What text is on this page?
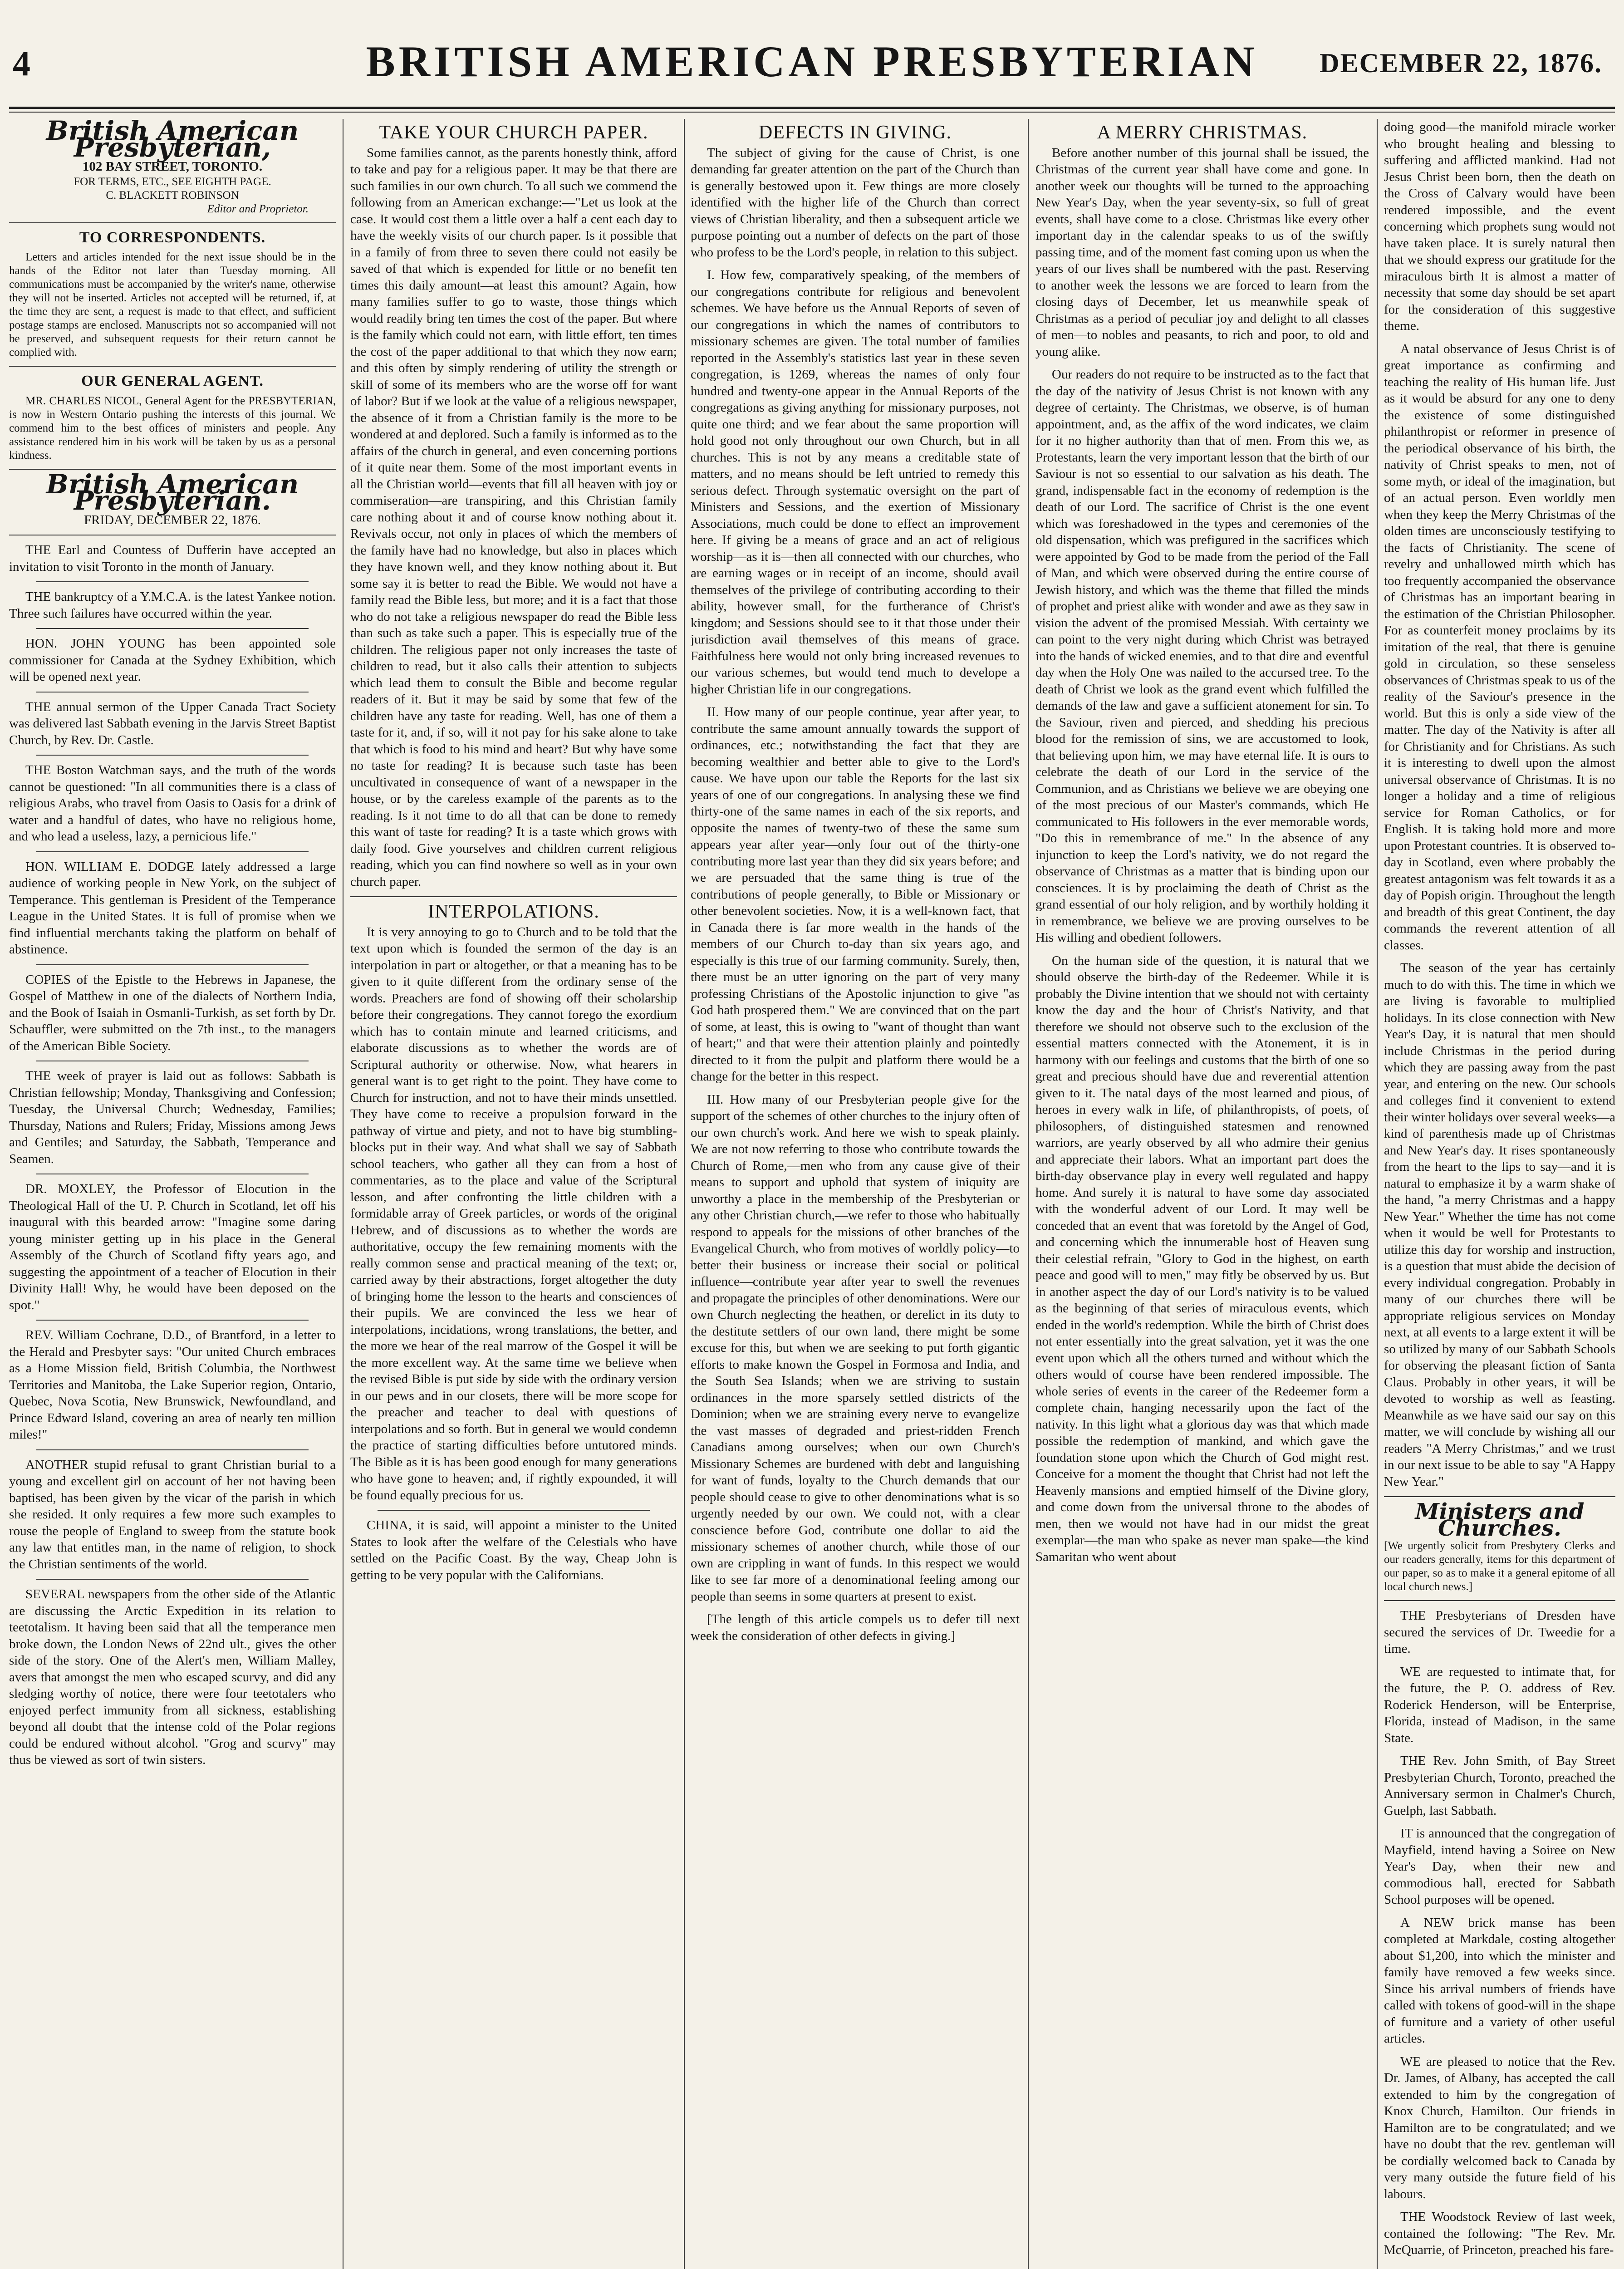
4	BRITISH AMERICAN PRESBYTERIAN	DECEMBER 22, 1876.
British American Presbyterian,

102 BAY STREET, TORONTO.

FOR TERMS, ETC., SEE EIGHTH PAGE.

C. BLACKETT ROBINSON

Editor and Proprietor.

TO CORRESPONDENTS.

Letters and articles intended for the next issue should be in the hands of the Editor not later than Tuesday morning. All communications must be accompanied by the writer's name, otherwise they will not be inserted. Articles not accepted will be returned, if, at the time they are sent, a request is made to that effect, and sufficient postage stamps are enclosed. Manuscripts not so accompanied will not be preserved, and subsequent requests for their return cannot be complied with.

OUR GENERAL AGENT.

MR. CHARLES NICOL, General Agent for the PRESBYTERIAN, is now in Western Ontario pushing the interests of this journal. We commend him to the best offices of ministers and people. Any assistance rendered him in his work will be taken by us as a personal kindness.

British American Presbyterian.

FRIDAY, DECEMBER 22, 1876.

THE Earl and Countess of Dufferin have accepted an invitation to visit Toronto in the month of January.

THE bankruptcy of a Y.M.C.A. is the latest Yankee notion. Three such failures have occurred within the year.

HON. JOHN YOUNG has been appointed sole commissioner for Canada at the Sydney Exhibition, which will be opened next year.

THE annual sermon of the Upper Canada Tract Society was delivered last Sabbath evening in the Jarvis Street Baptist Church, by Rev. Dr. Castle.

THE Boston Watchman says, and the truth of the words cannot be questioned: "In all communities there is a class of religious Arabs, who travel from Oasis to Oasis for a drink of water and a handful of dates, who have no religious home, and who lead a useless, lazy, a pernicious life."

HON. WILLIAM E. DODGE lately addressed a large audience of working people in New York, on the subject of Temperance. This gentleman is President of the Temperance League in the United States. It is full of promise when we find influential merchants taking the platform on behalf of abstinence.

COPIES of the Epistle to the Hebrews in Japanese, the Gospel of Matthew in one of the dialects of Northern India, and the Book of Isaiah in Osmanli-Turkish, as set forth by Dr. Schauffler, were submitted on the 7th inst., to the managers of the American Bible Society.

THE week of prayer is laid out as follows: Sabbath is Christian fellowship; Monday, Thanksgiving and Confession; Tuesday, the Universal Church; Wednesday, Families; Thursday, Nations and Rulers; Friday, Missions among Jews and Gentiles; and Saturday, the Sabbath, Temperance and Seamen.

DR. MOXLEY, the Professor of Elocution in the Theological Hall of the U. P. Church in Scotland, let off his inaugural with this bearded arrow: "Imagine some daring young minister getting up in his place in the General Assembly of the Church of Scotland fifty years ago, and suggesting the appointment of a teacher of Elocution in their Divinity Hall! Why, he would have been deposed on the spot."

REV. William Cochrane, D.D., of Brantford, in a letter to the Herald and Presbyter says: "Our united Church embraces as a Home Mission field, British Columbia, the Northwest Territories and Manitoba, the Lake Superior region, Ontario, Quebec, Nova Scotia, New Brunswick, Newfoundland, and Prince Edward Island, covering an area of nearly ten million miles!"

ANOTHER stupid refusal to grant Christian burial to a young and excellent girl on account of her not having been baptised, has been given by the vicar of the parish in which she resided. It only requires a few more such examples to rouse the people of England to sweep from the statute book any law that entitles man, in the name of religion, to shock the Christian sentiments of the world.

SEVERAL newspapers from the other side of the Atlantic are discussing the Arctic Expedition in its relation to teetotalism. It having been said that all the temperance men broke down, the London News of 22nd ult., gives the other side of the story. One of the Alert's men, William Malley, avers that amongst the men who escaped scurvy, and did any sledging worthy of notice, there were four teetotalers who enjoyed perfect immunity from all sickness, establishing beyond all doubt that the intense cold of the Polar regions could be endured without alcohol. "Grog and scurvy" may thus be viewed as sort of twin sisters.

TAKE YOUR CHURCH PAPER.

Some families cannot, as the parents honestly think, afford to take and pay for a religious paper. It may be that there are such families in our own church. To all such we commend the following from an American exchange:—"Let us look at the case. It would cost them a little over a half a cent each day to have the weekly visits of our church paper. Is it possible that in a family of from three to seven there could not easily be saved of that which is expended for little or no benefit ten times this daily amount—at least this amount? Again, how many families suffer to go to waste, those things which would readily bring ten times the cost of the paper. But where is the family which could not earn, with little effort, ten times the cost of the paper additional to that which they now earn; and this often by simply rendering of utility the strength or skill of some of its members who are the worse off for want of labor? But if we look at the value of a religious newspaper, the absence of it from a Christian family is the more to be wondered at and deplored. Such a family is informed as to the affairs of the church in general, and even concerning portions of it quite near them. Some of the most important events in all the Christian world—events that fill all heaven with joy or commiseration—are transpiring, and this Christian family care nothing about it and of course know nothing about it. Revivals occur, not only in places of which the members of the family have had no knowledge, but also in places which they have known well, and they know nothing about it. But some say it is better to read the Bible. We would not have a family read the Bible less, but more; and it is a fact that those who do not take a religious newspaper do read the Bible less than such as take such a paper. This is especially true of the children. The religious paper not only increases the taste of children to read, but it also calls their attention to subjects which lead them to consult the Bible and become regular readers of it. But it may be said by some that few of the children have any taste for reading. Well, has one of them a taste for it, and, if so, will it not pay for his sake alone to take that which is food to his mind and heart? But why have some no taste for reading? It is because such taste has been uncultivated in consequence of want of a newspaper in the house, or by the careless example of the parents as to the reading. Is it not time to do all that can be done to remedy this want of taste for reading? It is a taste which grows with daily food. Give yourselves and children current religious reading, which you can find nowhere so well as in your own church paper.

INTERPOLATIONS.

It is very annoying to go to Church and to be told that the text upon which is founded the sermon of the day is an interpolation in part or altogether, or that a meaning has to be given to it quite different from the ordinary sense of the words. Preachers are fond of showing off their scholarship before their congregations. They cannot forego the exordium which has to contain minute and learned criticisms, and elaborate discussions as to whether the words are of Scriptural authority or otherwise. Now, what hearers in general want is to get right to the point. They have come to Church for instruction, and not to have their minds unsettled. They have come to receive a propulsion forward in the pathway of virtue and piety, and not to have big stumbling-blocks put in their way. And what shall we say of Sabbath school teachers, who gather all they can from a host of commentaries, as to the place and value of the Scriptural lesson, and after confronting the little children with a formidable array of Greek particles, or words of the original Hebrew, and of discussions as to whether the words are authoritative, occupy the few remaining moments with the really common sense and practical meaning of the text; or, carried away by their abstractions, forget altogether the duty of bringing home the lesson to the hearts and consciences of their pupils. We are convinced the less we hear of interpolations, incidations, wrong translations, the better, and the more we hear of the real marrow of the Gospel it will be the more excellent way. At the same time we believe when the revised Bible is put side by side with the ordinary version in our pews and in our closets, there will be more scope for the preacher and teacher to deal with questions of interpolations and so forth. But in general we would condemn the practice of starting difficulties before untutored minds. The Bible as it is has been good enough for many generations who have gone to heaven; and, if rightly expounded, it will be found equally precious for us.

CHINA, it is said, will appoint a minister to the United States to look after the welfare of the Celestials who have settled on the Pacific Coast. By the way, Cheap John is getting to be very popular with the Californians.

DEFECTS IN GIVING.

The subject of giving for the cause of Christ, is one demanding far greater attention on the part of the Church than is generally bestowed upon it. Few things are more closely identified with the higher life of the Church than correct views of Christian liberality, and then a subsequent article we purpose pointing out a number of defects on the part of those who profess to be the Lord's people, in relation to this subject.

I. How few, comparatively speaking, of the members of our congregations contribute for religious and benevolent schemes. We have before us the Annual Reports of seven of our congregations in which the names of contributors to missionary schemes are given. The total number of families reported in the Assembly's statistics last year in these seven congregation, is 1269, whereas the names of only four hundred and twenty-one appear in the Annual Reports of the congregations as giving anything for missionary purposes, not quite one third; and we fear about the same proportion will hold good not only throughout our own Church, but in all churches. This is not by any means a creditable state of matters, and no means should be left untried to remedy this serious defect. Through systematic oversight on the part of Ministers and Sessions, and the exertion of Missionary Associations, much could be done to effect an improvement here. If giving be a means of grace and an act of religious worship—as it is—then all connected with our churches, who are earning wages or in receipt of an income, should avail themselves of the privilege of contributing according to their ability, however small, for the furtherance of Christ's kingdom; and Sessions should see to it that those under their jurisdiction avail themselves of this means of grace. Faithfulness here would not only bring increased revenues to our various schemes, but would tend much to develope a higher Christian life in our congregations.

II. How many of our people continue, year after year, to contribute the same amount annually towards the support of ordinances, etc.; notwithstanding the fact that they are becoming wealthier and better able to give to the Lord's cause. We have upon our table the Reports for the last six years of one of our congregations. In analysing these we find thirty-one of the same names in each of the six reports, and opposite the names of twenty-two of these the same sum appears year after year—only four out of the thirty-one contributing more last year than they did six years before; and we are persuaded that the same thing is true of the contributions of people generally, to Bible or Missionary or other benevolent societies. Now, it is a well-known fact, that in Canada there is far more wealth in the hands of the members of our Church to-day than six years ago, and especially is this true of our farming community. Surely, then, there must be an utter ignoring on the part of very many professing Christians of the Apostolic injunction to give "as God hath prospered them." We are convinced that on the part of some, at least, this is owing to "want of thought than want of heart;" and that were their attention plainly and pointedly directed to it from the pulpit and platform there would be a change for the better in this respect.

III. How many of our Presbyterian people give for the support of the schemes of other churches to the injury often of our own church's work. And here we wish to speak plainly. We are not now referring to those who contribute towards the Church of Rome,—men who from any cause give of their means to support and uphold that system of iniquity are unworthy a place in the membership of the Presbyterian or any other Christian church,—we refer to those who habitually respond to appeals for the missions of other branches of the Evangelical Church, who from motives of worldly policy—to better their business or increase their social or political influence—contribute year after year to swell the revenues and propagate the principles of other denominations. Were our own Church neglecting the heathen, or derelict in its duty to the destitute settlers of our own land, there might be some excuse for this, but when we are seeking to put forth gigantic efforts to make known the Gospel in Formosa and India, and the South Sea Islands; when we are striving to sustain ordinances in the more sparsely settled districts of the Dominion; when we are straining every nerve to evangelize the vast masses of degraded and priest-ridden French Canadians among ourselves; when our own Church's Missionary Schemes are burdened with debt and languishing for want of funds, loyalty to the Church demands that our people should cease to give to other denominations what is so urgently needed by our own. We could not, with a clear conscience before God, contribute one dollar to aid the missionary schemes of another church, while those of our own are crippling in want of funds. In this respect we would like to see far more of a denominational feeling among our people than seems in some quarters at present to exist.

[The length of this article compels us to defer till next week the consideration of other defects in giving.]

A MERRY CHRISTMAS.

Before another number of this journal shall be issued, the Christmas of the current year shall have come and gone. In another week our thoughts will be turned to the approaching New Year's Day, when the year seventy-six, so full of great events, shall have come to a close. Christmas like every other important day in the calendar speaks to us of the swiftly passing time, and of the moment fast coming upon us when the years of our lives shall be numbered with the past. Reserving to another week the lessons we are forced to learn from the closing days of December, let us meanwhile speak of Christmas as a period of peculiar joy and delight to all classes of men—to nobles and peasants, to rich and poor, to old and young alike.

Our readers do not require to be instructed as to the fact that the day of the nativity of Jesus Christ is not known with any degree of certainty. The Christmas, we observe, is of human appointment, and, as the affix of the word indicates, we claim for it no higher authority than that of men. From this we, as Protestants, learn the very important lesson that the birth of our Saviour is not so essential to our salvation as his death. The grand, indispensable fact in the economy of redemption is the death of our Lord. The sacrifice of Christ is the one event which was foreshadowed in the types and ceremonies of the old dispensation, which was prefigured in the sacrifices which were appointed by God to be made from the period of the Fall of Man, and which were observed during the entire course of Jewish history, and which was the theme that filled the minds of prophet and priest alike with wonder and awe as they saw in vision the advent of the promised Messiah. With certainty we can point to the very night during which Christ was betrayed into the hands of wicked enemies, and to that dire and eventful day when the Holy One was nailed to the accursed tree. To the death of Christ we look as the grand event which fulfilled the demands of the law and gave a sufficient atonement for sin. To the Saviour, riven and pierced, and shedding his precious blood for the remission of sins, we are accustomed to look, that believing upon him, we may have eternal life. It is ours to celebrate the death of our Lord in the service of the Communion, and as Christians we believe we are obeying one of the most precious of our Master's commands, which He communicated to His followers in the ever memorable words, "Do this in remembrance of me." In the absence of any injunction to keep the Lord's nativity, we do not regard the observance of Christmas as a matter that is binding upon our consciences. It is by proclaiming the death of Christ as the grand essential of our holy religion, and by worthily holding it in remembrance, we believe we are proving ourselves to be His willing and obedient followers.

On the human side of the question, it is natural that we should observe the birth-day of the Redeemer. While it is probably the Divine intention that we should not with certainty know the day and the hour of Christ's Nativity, and that therefore we should not observe such to the exclusion of the essential matters connected with the Atonement, it is in harmony with our feelings and customs that the birth of one so great and precious should have due and reverential attention given to it. The natal days of the most learned and pious, of heroes in every walk in life, of philanthropists, of poets, of philosophers, of distinguished statesmen and renowned warriors, are yearly observed by all who admire their genius and appreciate their labors. What an important part does the birth-day observance play in every well regulated and happy home. And surely it is natural to have some day associated with the wonderful advent of our Lord. It may well be conceded that an event that was foretold by the Angel of God, and concerning which the innumerable host of Heaven sung their celestial refrain, "Glory to God in the highest, on earth peace and good will to men," may fitly be observed by us. But in another aspect the day of our Lord's nativity is to be valued as the beginning of that series of miraculous events, which ended in the world's redemption. While the birth of Christ does not enter essentially into the great salvation, yet it was the one event upon which all the others turned and without which the others would of course have been rendered impossible. The whole series of events in the career of the Redeemer form a complete chain, hanging necessarily upon the fact of the nativity. In this light what a glorious day was that which made possible the redemption of mankind, and which gave the foundation stone upon which the Church of God might rest. Conceive for a moment the thought that Christ had not left the Heavenly mansions and emptied himself of the Divine glory, and come down from the universal throne to the abodes of men, then we would not have had in our midst the great exemplar—the man who spake as never man spake—the kind Samaritan who went about

doing good—the manifold miracle worker who brought healing and blessing to suffering and afflicted mankind. Had not Jesus Christ been born, then the death on the Cross of Calvary would have been rendered impossible, and the event concerning which prophets sung would not have taken place. It is surely natural then that we should express our gratitude for the miraculous birth It is almost a matter of necessity that some day should be set apart for the consideration of this suggestive theme.

A natal observance of Jesus Christ is of great importance as confirming and teaching the reality of His human life. Just as it would be absurd for any one to deny the existence of some distinguished philanthropist or reformer in presence of the periodical observance of his birth, the nativity of Christ speaks to men, not of some myth, or ideal of the imagination, but of an actual person. Even worldly men when they keep the Merry Christmas of the olden times are unconsciously testifying to the facts of Christianity. The scene of revelry and unhallowed mirth which has too frequently accompanied the observance of Christmas has an important bearing in the estimation of the Christian Philosopher. For as counterfeit money proclaims by its imitation of the real, that there is genuine gold in circulation, so these senseless observances of Christmas speak to us of the reality of the Saviour's presence in the world. But this is only a side view of the matter. The day of the Nativity is after all for Christianity and for Christians. As such it is interesting to dwell upon the almost universal observance of Christmas. It is no longer a holiday and a time of religious service for Roman Catholics, or for English. It is taking hold more and more upon Protestant countries. It is observed to-day in Scotland, even where probably the greatest antagonism was felt towards it as a day of Popish origin. Throughout the length and breadth of this great Continent, the day commands the reverent attention of all classes.

The season of the year has certainly much to do with this. The time in which we are living is favorable to multiplied holidays. In its close connection with New Year's Day, it is natural that men should include Christmas in the period during which they are passing away from the past year, and entering on the new. Our schools and colleges find it convenient to extend their winter holidays over several weeks—a kind of parenthesis made up of Christmas and New Year's day. It rises spontaneously from the heart to the lips to say—and it is natural to emphasize it by a warm shake of the hand, "a merry Christmas and a happy New Year." Whether the time has not come when it would be well for Protestants to utilize this day for worship and instruction, is a question that must abide the decision of every individual congregation. Probably in many of our churches there will be appropriate religious services on Monday next, at all events to a large extent it will be so utilized by many of our Sabbath Schools for observing the pleasant fiction of Santa Claus. Probably in other years, it will be devoted to worship as well as feasting. Meanwhile as we have said our say on this matter, we will conclude by wishing all our readers "A Merry Christmas," and we trust in our next issue to be able to say "A Happy New Year."

Ministers and Churches.

[We urgently solicit from Presbytery Clerks and our readers generally, items for this department of our paper, so as to make it a general epitome of all local church news.]

THE Presbyterians of Dresden have secured the services of Dr. Tweedie for a time.

WE are requested to intimate that, for the future, the P. O. address of Rev. Roderick Henderson, will be Enterprise, Florida, instead of Madison, in the same State.

THE Rev. John Smith, of Bay Street Presbyterian Church, Toronto, preached the Anniversary sermon in Chalmer's Church, Guelph, last Sabbath.

IT is announced that the congregation of Mayfield, intend having a Soiree on New Year's Day, when their new and commodious hall, erected for Sabbath School purposes will be opened.

A NEW brick manse has been completed at Markdale, costing altogether about $1,200, into which the minister and family have removed a few weeks since. Since his arrival numbers of friends have called with tokens of good-will in the shape of furniture and a variety of other useful articles.

WE are pleased to notice that the Rev. Dr. James, of Albany, has accepted the call extended to him by the congregation of Knox Church, Hamilton. Our friends in Hamilton are to be congratulated; and we have no doubt that the rev. gentleman will be cordially welcomed back to Canada by very many outside the future field of his labours.

THE Woodstock Review of last week, contained the following: "The Rev. Mr. McQuarrie, of Princeton, preached his fare-
